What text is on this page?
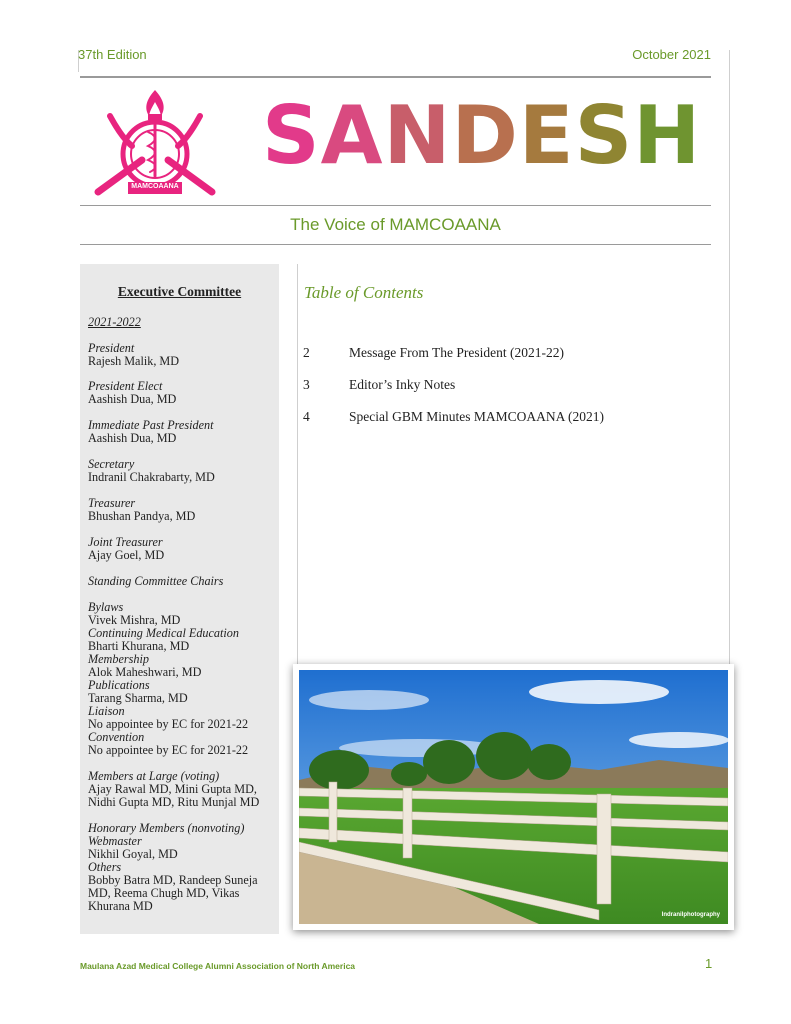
37th Edition	October 2021
MAMCOAANA
SANDESH
The Voice of MAMCOAANA
Executive Committee
2021-2022
President
Rajesh Malik, MD
President Elect
Aashish Dua, MD
Immediate Past President
Aashish Dua, MD
Secretary
Indranil Chakrabarty, MD
Treasurer
Bhushan Pandya, MD
Joint Treasurer
Ajay Goel, MD
Standing Committee Chairs
Bylaws
Vivek Mishra, MD
Continuing Medical Education
Bharti Khurana, MD
Membership
Alok Maheshwari, MD
Publications
Tarang Sharma, MD
Liaison
No appointee by EC for 2021-22
Convention
No appointee by EC for 2021-22
Members at Large (voting)
Ajay Rawal MD, Mini Gupta MD,
Nidhi Gupta MD, Ritu Munjal MD
Honorary Members (nonvoting)
Webmaster
Nikhil Goyal, MD
Others
Bobby Batra MD, Randeep Suneja
MD, Reema Chugh MD, Vikas
Khurana MD
Table of Contents
2	Message From The President (2021-22)
3	Editor’s Inky Notes
4	Special GBM Minutes MAMCOAANA (2021)
Indranilphotography
Maulana Azad Medical College Alumni Association of North America	1
